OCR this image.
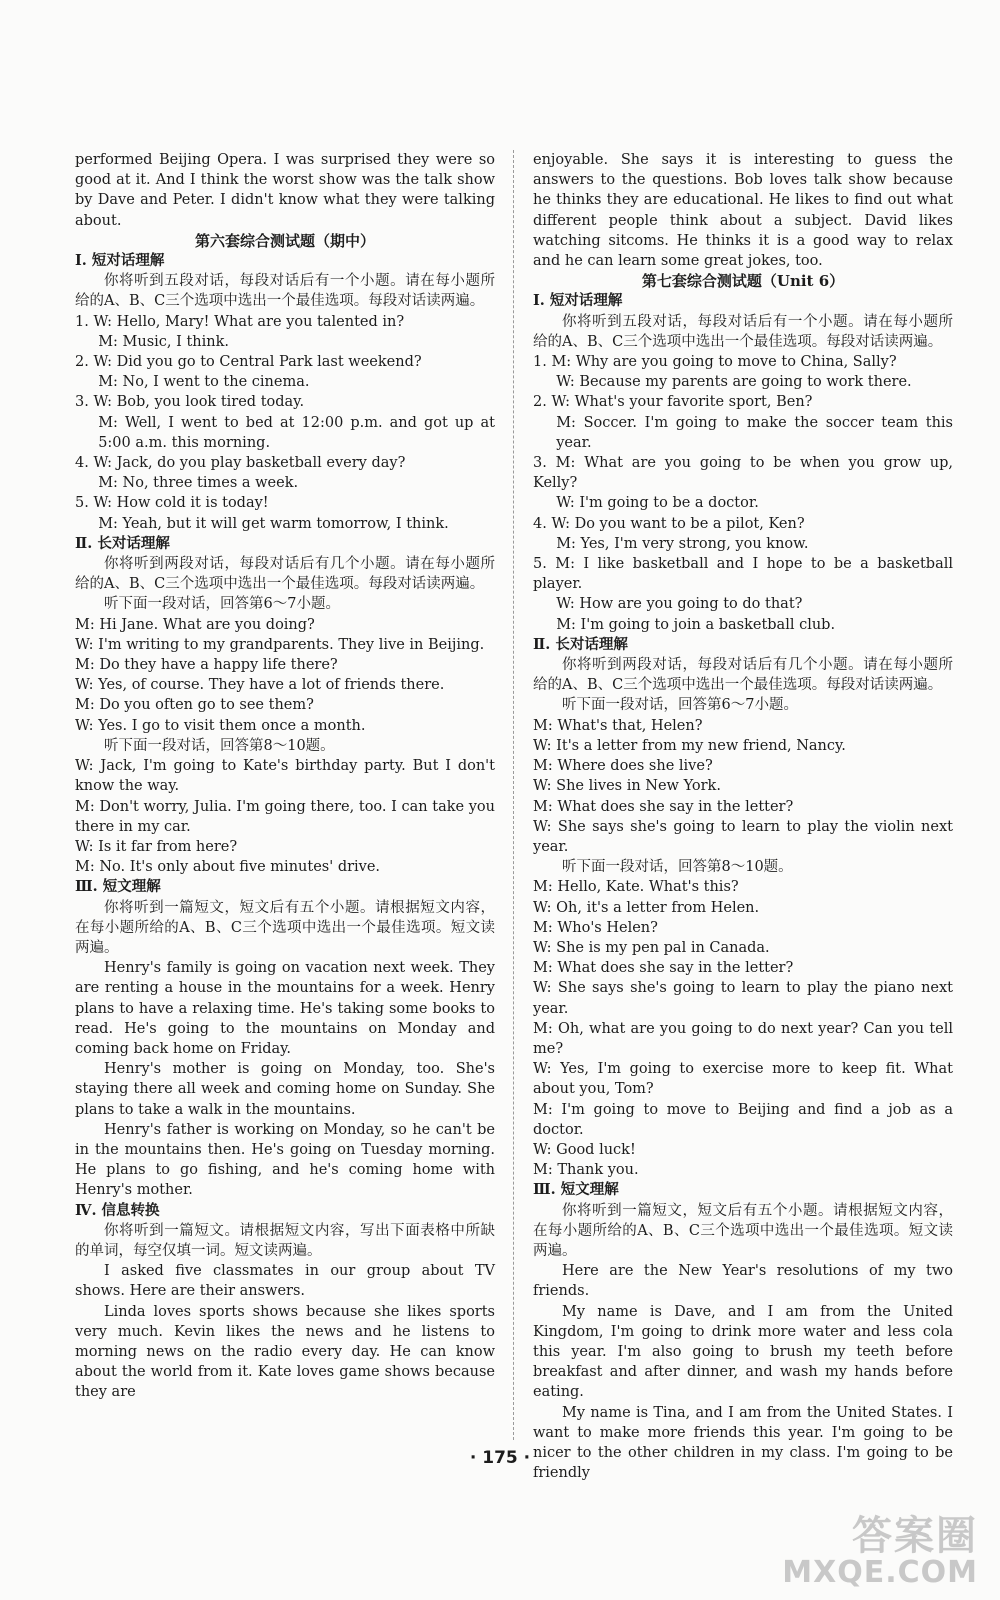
performed Beijing Opera. I was surprised they were so good at it. And I think the worst show was the talk show by Dave and Peter. I didn't know what they were talking about.

第六套综合测试题（期中）

Ⅰ. 短对话理解

你将听到五段对话，每段对话后有一个小题。请在每小题所给的A、B、C三个选项中选出一个最佳选项。每段对话读两遍。

1. W: Hello, Mary! What are you talented in?

M: Music, I think.

2. W: Did you go to Central Park last weekend?

M: No, I went to the cinema.

3. W: Bob, you look tired today.

M: Well, I went to bed at 12:00 p.m. and got up at 5:00 a.m. this morning.

4. W: Jack, do you play basketball every day?

M: No, three times a week.

5. W: How cold it is today!

M: Yeah, but it will get warm tomorrow, I think.

Ⅱ. 长对话理解

你将听到两段对话，每段对话后有几个小题。请在每小题所给的A、B、C三个选项中选出一个最佳选项。每段对话读两遍。

听下面一段对话，回答第6～7小题。

M: Hi Jane. What are you doing?

W: I'm writing to my grandparents. They live in Beijing.

M: Do they have a happy life there?

W: Yes, of course. They have a lot of friends there.

M: Do you often go to see them?

W: Yes. I go to visit them once a month.

听下面一段对话，回答第8～10题。

W: Jack, I'm going to Kate's birthday party. But I don't know the way.

M: Don't worry, Julia. I'm going there, too. I can take you there in my car.

W: Is it far from here?

M: No. It's only about five minutes' drive.

Ⅲ. 短文理解

你将听到一篇短文，短文后有五个小题。请根据短文内容，在每小题所给的A、B、C三个选项中选出一个最佳选项。短文读两遍。

Henry's family is going on vacation next week. They are renting a house in the mountains for a week. Henry plans to have a relaxing time. He's taking some books to read. He's going to the mountains on Monday and coming back home on Friday.

Henry's mother is going on Monday, too. She's staying there all week and coming home on Sunday. She plans to take a walk in the mountains.

Henry's father is working on Monday, so he can't be in the mountains then. He's going on Tuesday morning. He plans to go fishing, and he's coming home with Henry's mother.

Ⅳ. 信息转换

你将听到一篇短文。请根据短文内容，写出下面表格中所缺的单词，每空仅填一词。短文读两遍。

I asked five classmates in our group about TV shows. Here are their answers.

Linda loves sports shows because she likes sports very much. Kevin likes the news and he listens to morning news on the radio every day. He can know about the world from it. Kate loves game shows because they are

enjoyable. She says it is interesting to guess the answers to the questions. Bob loves talk show because he thinks they are educational. He likes to find out what different people think about a subject. David likes watching sitcoms. He thinks it is a good way to relax and he can learn some great jokes, too.

第七套综合测试题（Unit 6）

Ⅰ. 短对话理解

你将听到五段对话，每段对话后有一个小题。请在每小题所给的A、B、C三个选项中选出一个最佳选项。每段对话读两遍。

1. M: Why are you going to move to China, Sally?

W: Because my parents are going to work there.

2. W: What's your favorite sport, Ben?

M: Soccer. I'm going to make the soccer team this year.

3. M: What are you going to be when you grow up, Kelly?

W: I'm going to be a doctor.

4. W: Do you want to be a pilot, Ken?

M: Yes, I'm very strong, you know.

5. M: I like basketball and I hope to be a basketball player.

W: How are you going to do that?

M: I'm going to join a basketball club.

Ⅱ. 长对话理解

你将听到两段对话，每段对话后有几个小题。请在每小题所给的A、B、C三个选项中选出一个最佳选项。每段对话读两遍。

听下面一段对话，回答第6～7小题。

M: What's that, Helen?

W: It's a letter from my new friend, Nancy.

M: Where does she live?

W: She lives in New York.

M: What does she say in the letter?

W: She says she's going to learn to play the violin next year.

听下面一段对话，回答第8～10题。

M: Hello, Kate. What's this?

W: Oh, it's a letter from Helen.

M: Who's Helen?

W: She is my pen pal in Canada.

M: What does she say in the letter?

W: She says she's going to learn to play the piano next year.

M: Oh, what are you going to do next year? Can you tell me?

W: Yes, I'm going to exercise more to keep fit. What about you, Tom?

M: I'm going to move to Beijing and find a job as a doctor.

W: Good luck!

M: Thank you.

Ⅲ. 短文理解

你将听到一篇短文，短文后有五个小题。请根据短文内容，在每小题所给的A、B、C三个选项中选出一个最佳选项。短文读两遍。

Here are the New Year's resolutions of my two friends.

My name is Dave, and I am from the United Kingdom, I'm going to drink more water and less cola this year. I'm also going to brush my teeth before breakfast and after dinner, and wash my hands before eating.

My name is Tina, and I am from the United States. I want to make more friends this year. I'm going to be nicer to the other children in my class. I'm going to be friendly

· 175 ·
答案圈
MXQE.COM
